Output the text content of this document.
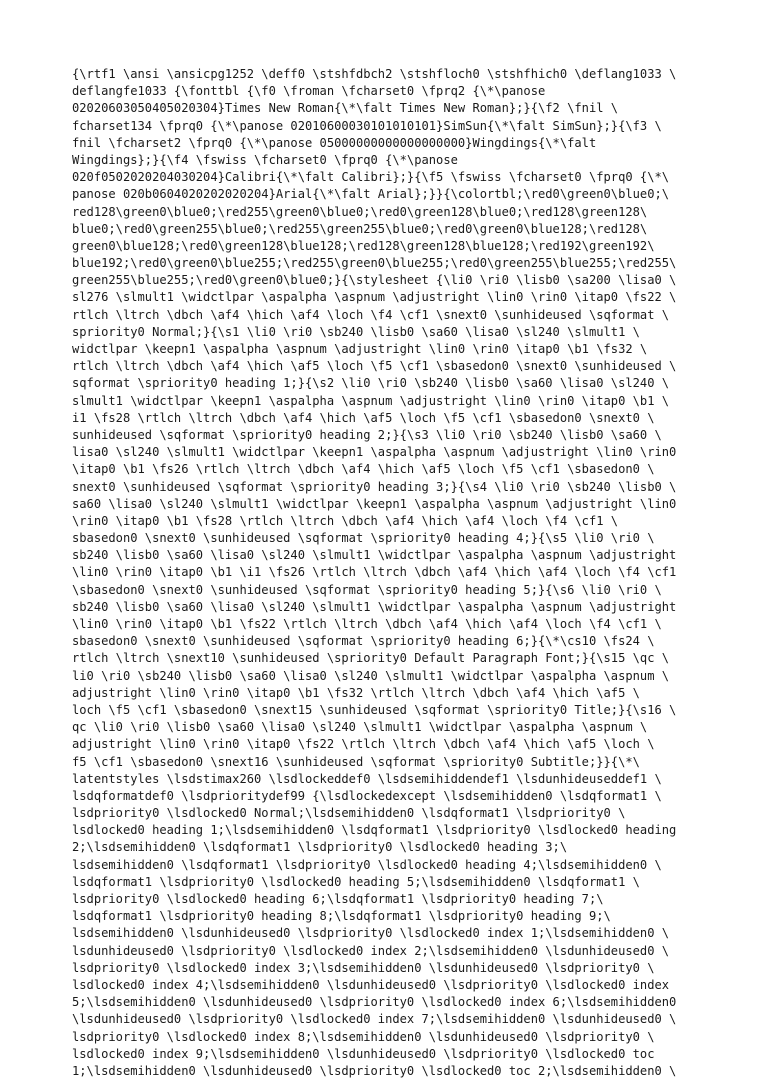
{\rtf1 \ansi \ansicpg1252 \deff0 \stshfdbch2 \stshfloch0 \stshfhich0 \deflang1033 \
deflangfe1033 {\fonttbl {\f0 \froman \fcharset0 \fprq2 {\*\panose
02020603050405020304}Times New Roman{\*\falt Times New Roman};}{\f2 \fnil \
fcharset134 \fprq0 {\*\panose 02010600030101010101}SimSun{\*\falt SimSun};}{\f3 \
fnil \fcharset2 \fprq0 {\*\panose 05000000000000000000}Wingdings{\*\falt
Wingdings};}{\f4 \fswiss \fcharset0 \fprq0 {\*\panose
020f0502020204030204}Calibri{\*\falt Calibri};}{\f5 \fswiss \fcharset0 \fprq0 {\*\
panose 020b0604020202020204}Arial{\*\falt Arial};}}{\colortbl;\red0\green0\blue0;\
red128\green0\blue0;\red255\green0\blue0;\red0\green128\blue0;\red128\green128\
blue0;\red0\green255\blue0;\red255\green255\blue0;\red0\green0\blue128;\red128\
green0\blue128;\red0\green128\blue128;\red128\green128\blue128;\red192\green192\
blue192;\red0\green0\blue255;\red255\green0\blue255;\red0\green255\blue255;\red255\
green255\blue255;\red0\green0\blue0;}{\stylesheet {\li0 \ri0 \lisb0 \sa200 \lisa0 \
sl276 \slmult1 \widctlpar \aspalpha \aspnum \adjustright \lin0 \rin0 \itap0 \fs22 \
rtlch \ltrch \dbch \af4 \hich \af4 \loch \f4 \cf1 \snext0 \sunhideused \sqformat \
spriority0 Normal;}{\s1 \li0 \ri0 \sb240 \lisb0 \sa60 \lisa0 \sl240 \slmult1 \
widctlpar \keepn1 \aspalpha \aspnum \adjustright \lin0 \rin0 \itap0 \b1 \fs32 \
rtlch \ltrch \dbch \af4 \hich \af5 \loch \f5 \cf1 \sbasedon0 \snext0 \sunhideused \
sqformat \spriority0 heading 1;}{\s2 \li0 \ri0 \sb240 \lisb0 \sa60 \lisa0 \sl240 \
slmult1 \widctlpar \keepn1 \aspalpha \aspnum \adjustright \lin0 \rin0 \itap0 \b1 \
i1 \fs28 \rtlch \ltrch \dbch \af4 \hich \af5 \loch \f5 \cf1 \sbasedon0 \snext0 \
sunhideused \sqformat \spriority0 heading 2;}{\s3 \li0 \ri0 \sb240 \lisb0 \sa60 \
lisa0 \sl240 \slmult1 \widctlpar \keepn1 \aspalpha \aspnum \adjustright \lin0 \rin0
\itap0 \b1 \fs26 \rtlch \ltrch \dbch \af4 \hich \af5 \loch \f5 \cf1 \sbasedon0 \
snext0 \sunhideused \sqformat \spriority0 heading 3;}{\s4 \li0 \ri0 \sb240 \lisb0 \
sa60 \lisa0 \sl240 \slmult1 \widctlpar \keepn1 \aspalpha \aspnum \adjustright \lin0
\rin0 \itap0 \b1 \fs28 \rtlch \ltrch \dbch \af4 \hich \af4 \loch \f4 \cf1 \
sbasedon0 \snext0 \sunhideused \sqformat \spriority0 heading 4;}{\s5 \li0 \ri0 \
sb240 \lisb0 \sa60 \lisa0 \sl240 \slmult1 \widctlpar \aspalpha \aspnum \adjustright
\lin0 \rin0 \itap0 \b1 \i1 \fs26 \rtlch \ltrch \dbch \af4 \hich \af4 \loch \f4 \cf1
\sbasedon0 \snext0 \sunhideused \sqformat \spriority0 heading 5;}{\s6 \li0 \ri0 \
sb240 \lisb0 \sa60 \lisa0 \sl240 \slmult1 \widctlpar \aspalpha \aspnum \adjustright
\lin0 \rin0 \itap0 \b1 \fs22 \rtlch \ltrch \dbch \af4 \hich \af4 \loch \f4 \cf1 \
sbasedon0 \snext0 \sunhideused \sqformat \spriority0 heading 6;}{\*\cs10 \fs24 \
rtlch \ltrch \snext10 \sunhideused \spriority0 Default Paragraph Font;}{\s15 \qc \
li0 \ri0 \sb240 \lisb0 \sa60 \lisa0 \sl240 \slmult1 \widctlpar \aspalpha \aspnum \
adjustright \lin0 \rin0 \itap0 \b1 \fs32 \rtlch \ltrch \dbch \af4 \hich \af5 \
loch \f5 \cf1 \sbasedon0 \snext15 \sunhideused \sqformat \spriority0 Title;}{\s16 \
qc \li0 \ri0 \lisb0 \sa60 \lisa0 \sl240 \slmult1 \widctlpar \aspalpha \aspnum \
adjustright \lin0 \rin0 \itap0 \fs22 \rtlch \ltrch \dbch \af4 \hich \af5 \loch \
f5 \cf1 \sbasedon0 \snext16 \sunhideused \sqformat \spriority0 Subtitle;}}{\*\
latentstyles \lsdstimax260 \lsdlockeddef0 \lsdsemihiddendef1 \lsdunhideuseddef1 \
lsdqformatdef0 \lsdprioritydef99 {\lsdlockedexcept \lsdsemihidden0 \lsdqformat1 \
lsdpriority0 \lsdlocked0 Normal;\lsdsemihidden0 \lsdqformat1 \lsdpriority0 \
lsdlocked0 heading 1;\lsdsemihidden0 \lsdqformat1 \lsdpriority0 \lsdlocked0 heading
2;\lsdsemihidden0 \lsdqformat1 \lsdpriority0 \lsdlocked0 heading 3;\
lsdsemihidden0 \lsdqformat1 \lsdpriority0 \lsdlocked0 heading 4;\lsdsemihidden0 \
lsdqformat1 \lsdpriority0 \lsdlocked0 heading 5;\lsdsemihidden0 \lsdqformat1 \
lsdpriority0 \lsdlocked0 heading 6;\lsdqformat1 \lsdpriority0 heading 7;\
lsdqformat1 \lsdpriority0 heading 8;\lsdqformat1 \lsdpriority0 heading 9;\
lsdsemihidden0 \lsdunhideused0 \lsdpriority0 \lsdlocked0 index 1;\lsdsemihidden0 \
lsdunhideused0 \lsdpriority0 \lsdlocked0 index 2;\lsdsemihidden0 \lsdunhideused0 \
lsdpriority0 \lsdlocked0 index 3;\lsdsemihidden0 \lsdunhideused0 \lsdpriority0 \
lsdlocked0 index 4;\lsdsemihidden0 \lsdunhideused0 \lsdpriority0 \lsdlocked0 index
5;\lsdsemihidden0 \lsdunhideused0 \lsdpriority0 \lsdlocked0 index 6;\lsdsemihidden0
\lsdunhideused0 \lsdpriority0 \lsdlocked0 index 7;\lsdsemihidden0 \lsdunhideused0 \
lsdpriority0 \lsdlocked0 index 8;\lsdsemihidden0 \lsdunhideused0 \lsdpriority0 \
lsdlocked0 index 9;\lsdsemihidden0 \lsdunhideused0 \lsdpriority0 \lsdlocked0 toc
1;\lsdsemihidden0 \lsdunhideused0 \lsdpriority0 \lsdlocked0 toc 2;\lsdsemihidden0 \
